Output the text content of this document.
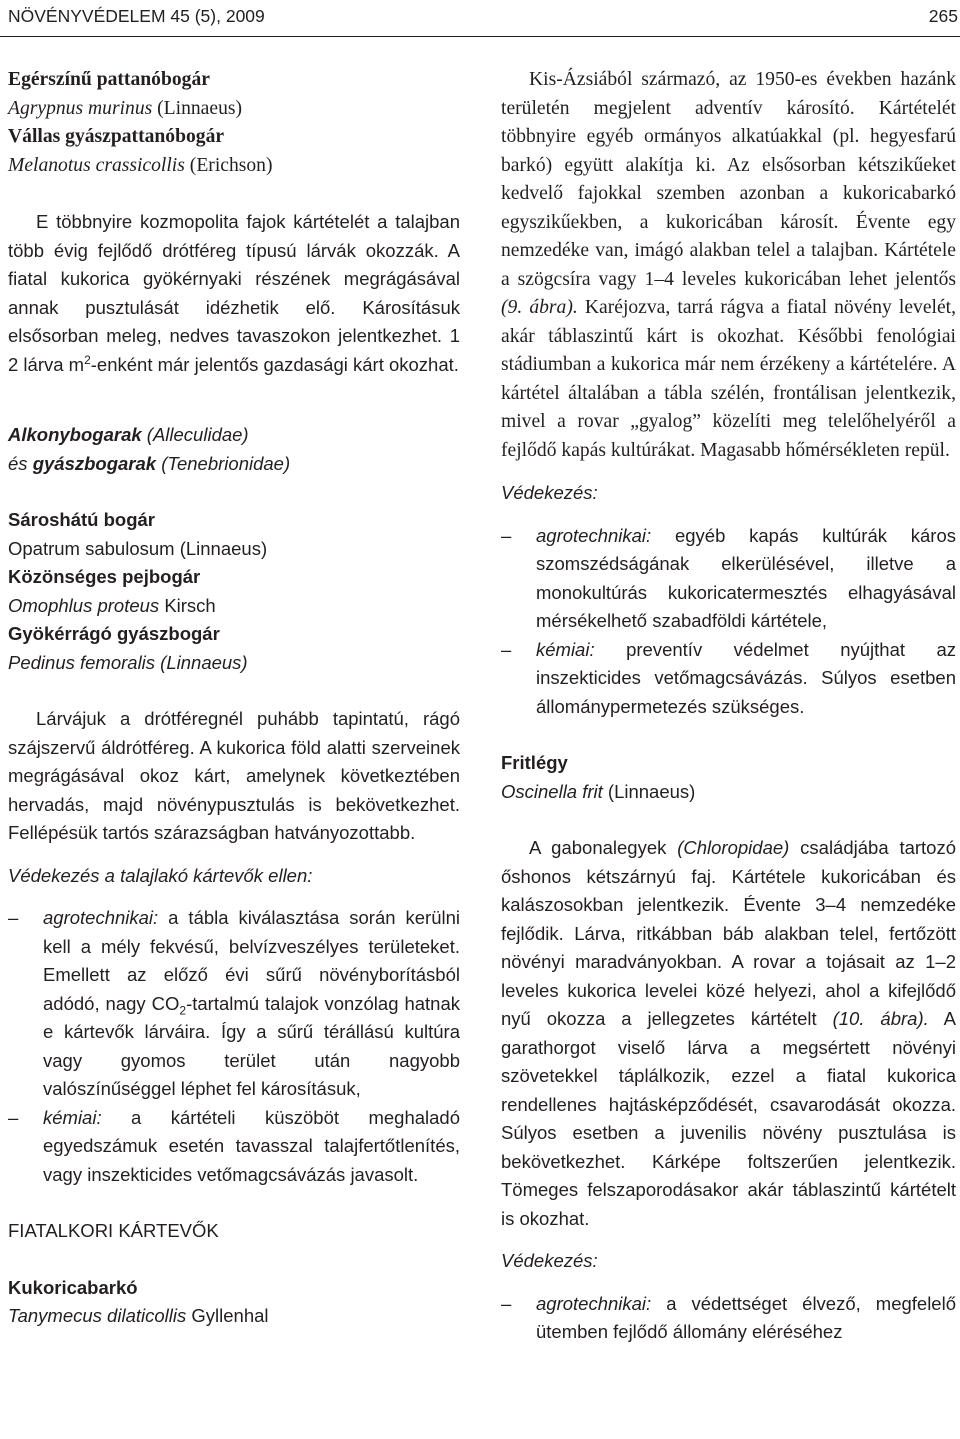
NÖVÉNYVÉDELEM 45 (5), 2009	265

Egérszínű pattanóbogár

Agrypnus murinus (Linnaeus)

Vállas gyászpattanóbogár

Melanotus crassicollis (Erichson)

E többnyire kozmopolita fajok kártételét a talajban több évig fejlődő drótféreg típusú lárvák okozzák. A fiatal kukorica gyökérnyaki részének megrágásával annak pusztulását idézhetik elő. Károsításuk elsősorban meleg, nedves tavaszokon jelentkezhet. 1 2 lárva $m^2$-enként már jelentős gazdasági kárt okozhat.

Alkonybogarak (Alleculidae)

és gyászbogarak (Tenebrionidae)

Sároshátú bogár

Opatrum sabulosum (Linnaeus)

Közönséges pejbogár

Omophlus proteus Kirsch

Gyökérrágó gyászbogár

Pedinus femoralis (Linnaeus)

Lárvájuk a drótféregnél puhább tapintatú, rágó szájszervű áldrótféreg. A kukorica föld alatti szerveinek megrágásával okoz kárt, amelynek következtében hervadás, majd növénypusztulás is bekövetkezhet. Fellépésük tartós szárazságban hatványozottabb.

Védekezés a talajlakó kártevők ellen:

– agrotechnikai: a tábla kiválasztása során kerülni kell a mély fekvésű, belvízveszélyes területeket. Emellett az előző évi sűrű növényborításból adódó, nagy $CO_2$-tartalmú talajok vonzólag hatnak e kártevők lárváira. Így a sűrű térállású kultúra vagy gyomos terület után nagyobb valószínűséggel léphet fel károsításuk,
– kémiai: a kártételi küszöböt meghaladó egyedszámuk esetén tavasszal talajfertőtlenítés, vagy inszekticides vetőmagcsávázás javasolt.

FIATALKORI KÁRTEVŐK

Kukoricabarkó

Tanymecus dilaticollis Gyllenhal

Kis-Ázsiából származó, az 1950-es években hazánk területén megjelent adventív károsító. Kártételét többnyire egyéb ormányos alkatúakkal (pl. hegyesfarú barkó) együtt alakítja ki. Az elsősorban kétszikűeket kedvelő fajokkal szemben azonban a kukoricabarkó egyszikűekben, a kukoricában károsít. Évente egy nemzedéke van, imágó alakban telel a talajban. Kártétele a szögcsíra vagy 1–4 leveles kukoricában lehet jelentős (9. ábra). Karéjozva, tarrá rágva a fiatal növény levelét, akár táblaszintű kárt is okozhat. Későbbi fenológiai stádiumban a kukorica már nem érzékeny a kártételére. A kártétel általában a tábla szélén, frontálisan jelentkezik, mivel a rovar „gyalog” közelíti meg telelőhelyéről a fejlődő kapás kultúrákat. Magasabb hőmérsékleten repül.

Védekezés:

– agrotechnikai: egyéb kapás kultúrák káros szomszédságának elkerülésével, illetve a monokultúrás kukoricatermesztés elhagyásával mérsékelhető szabadföldi kártétele,
– kémiai: preventív védelmet nyújthat az inszekticides vetőmagcsávázás. Súlyos esetben állománypermetezés szükséges.

Fritlégy

Oscinella frit (Linnaeus)

A gabonalegyek (Chloropidae) családjába tartozó őshonos kétszárnyú faj. Kártétele kukoricában és kalászosokban jelentkezik. Évente 3–4 nemzedéke fejlődik. Lárva, ritkábban báb alakban telel, fertőzött növényi maradványokban. A rovar a tojásait az 1–2 leveles kukorica levelei közé helyezi, ahol a kifejlődő nyű okozza a jellegzetes kártételt (10. ábra). A garathorgot viselő lárva a megsértett növényi szövetekkel táplálkozik, ezzel a fiatal kukorica rendellenes hajtásképződését, csavarodását okozza. Súlyos esetben a juvenilis növény pusztulása is bekövetkezhet. Kárképe foltszerűen jelentkezik. Tömeges felszaporodásakor akár táblaszintű kártételt is okozhat.

Védekezés:

– agrotechnikai: a védettséget élvező, megfelelő ütemben fejlődő állomány eléréséhez
